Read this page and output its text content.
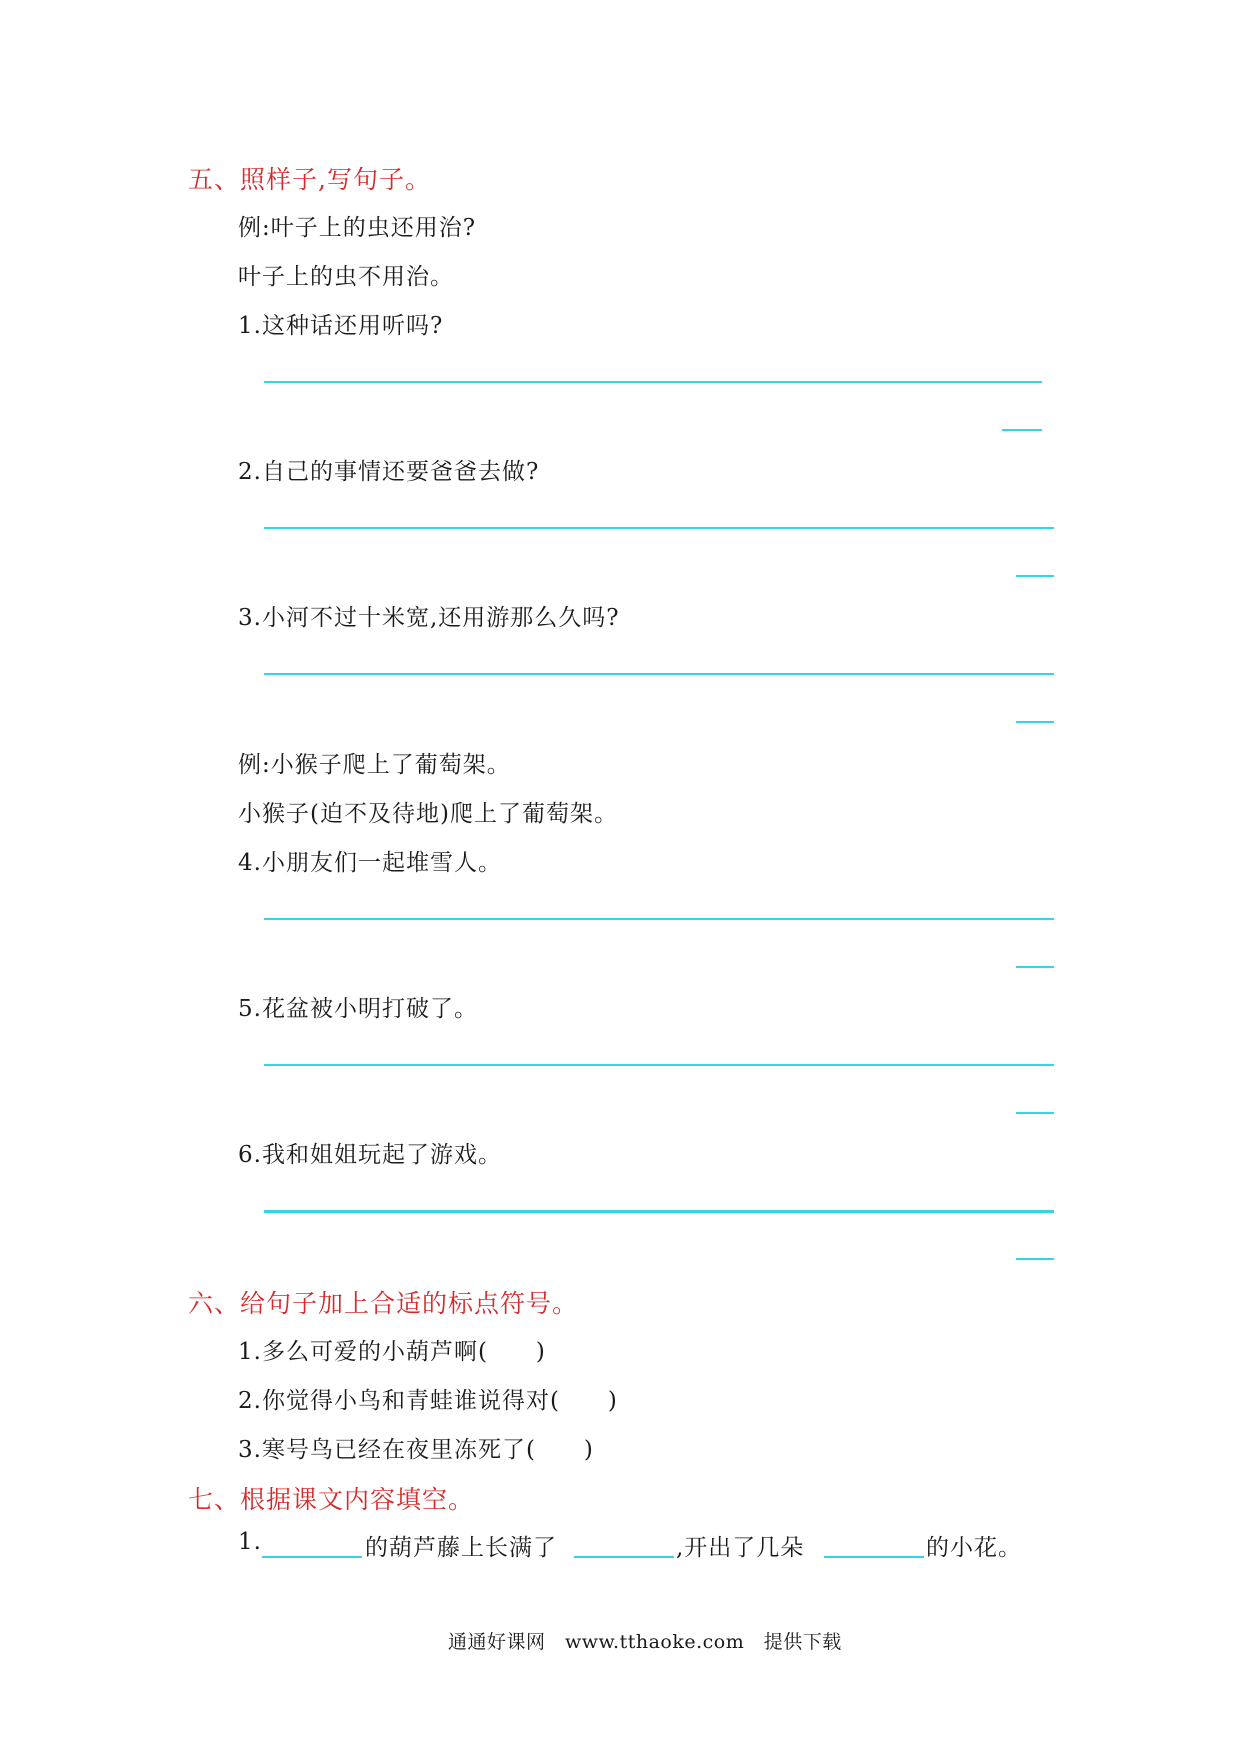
五、照样子,写句子。
例:叶子上的虫还用治?
叶子上的虫不用治。
1.这种话还用听吗?
2.自己的事情还要爸爸去做?
3.小河不过十米宽,还用游那么久吗?
例:小猴子爬上了葡萄架。
小猴子(迫不及待地)爬上了葡萄架。
4.小朋友们一起堆雪人。
5.花盆被小明打破了。
6.我和姐姐玩起了游戏。
六、给句子加上合适的标点符号。
1.多么可爱的小葫芦啊(　　)
2.你觉得小鸟和青蛙谁说得对(　　)
3.寒号鸟已经在夜里冻死了(　　)
七、根据课文内容填空。
1.	的葫芦藤上长满了	,开出了几朵	的小花。
通通好课网　www.tthaoke.com　提供下载
